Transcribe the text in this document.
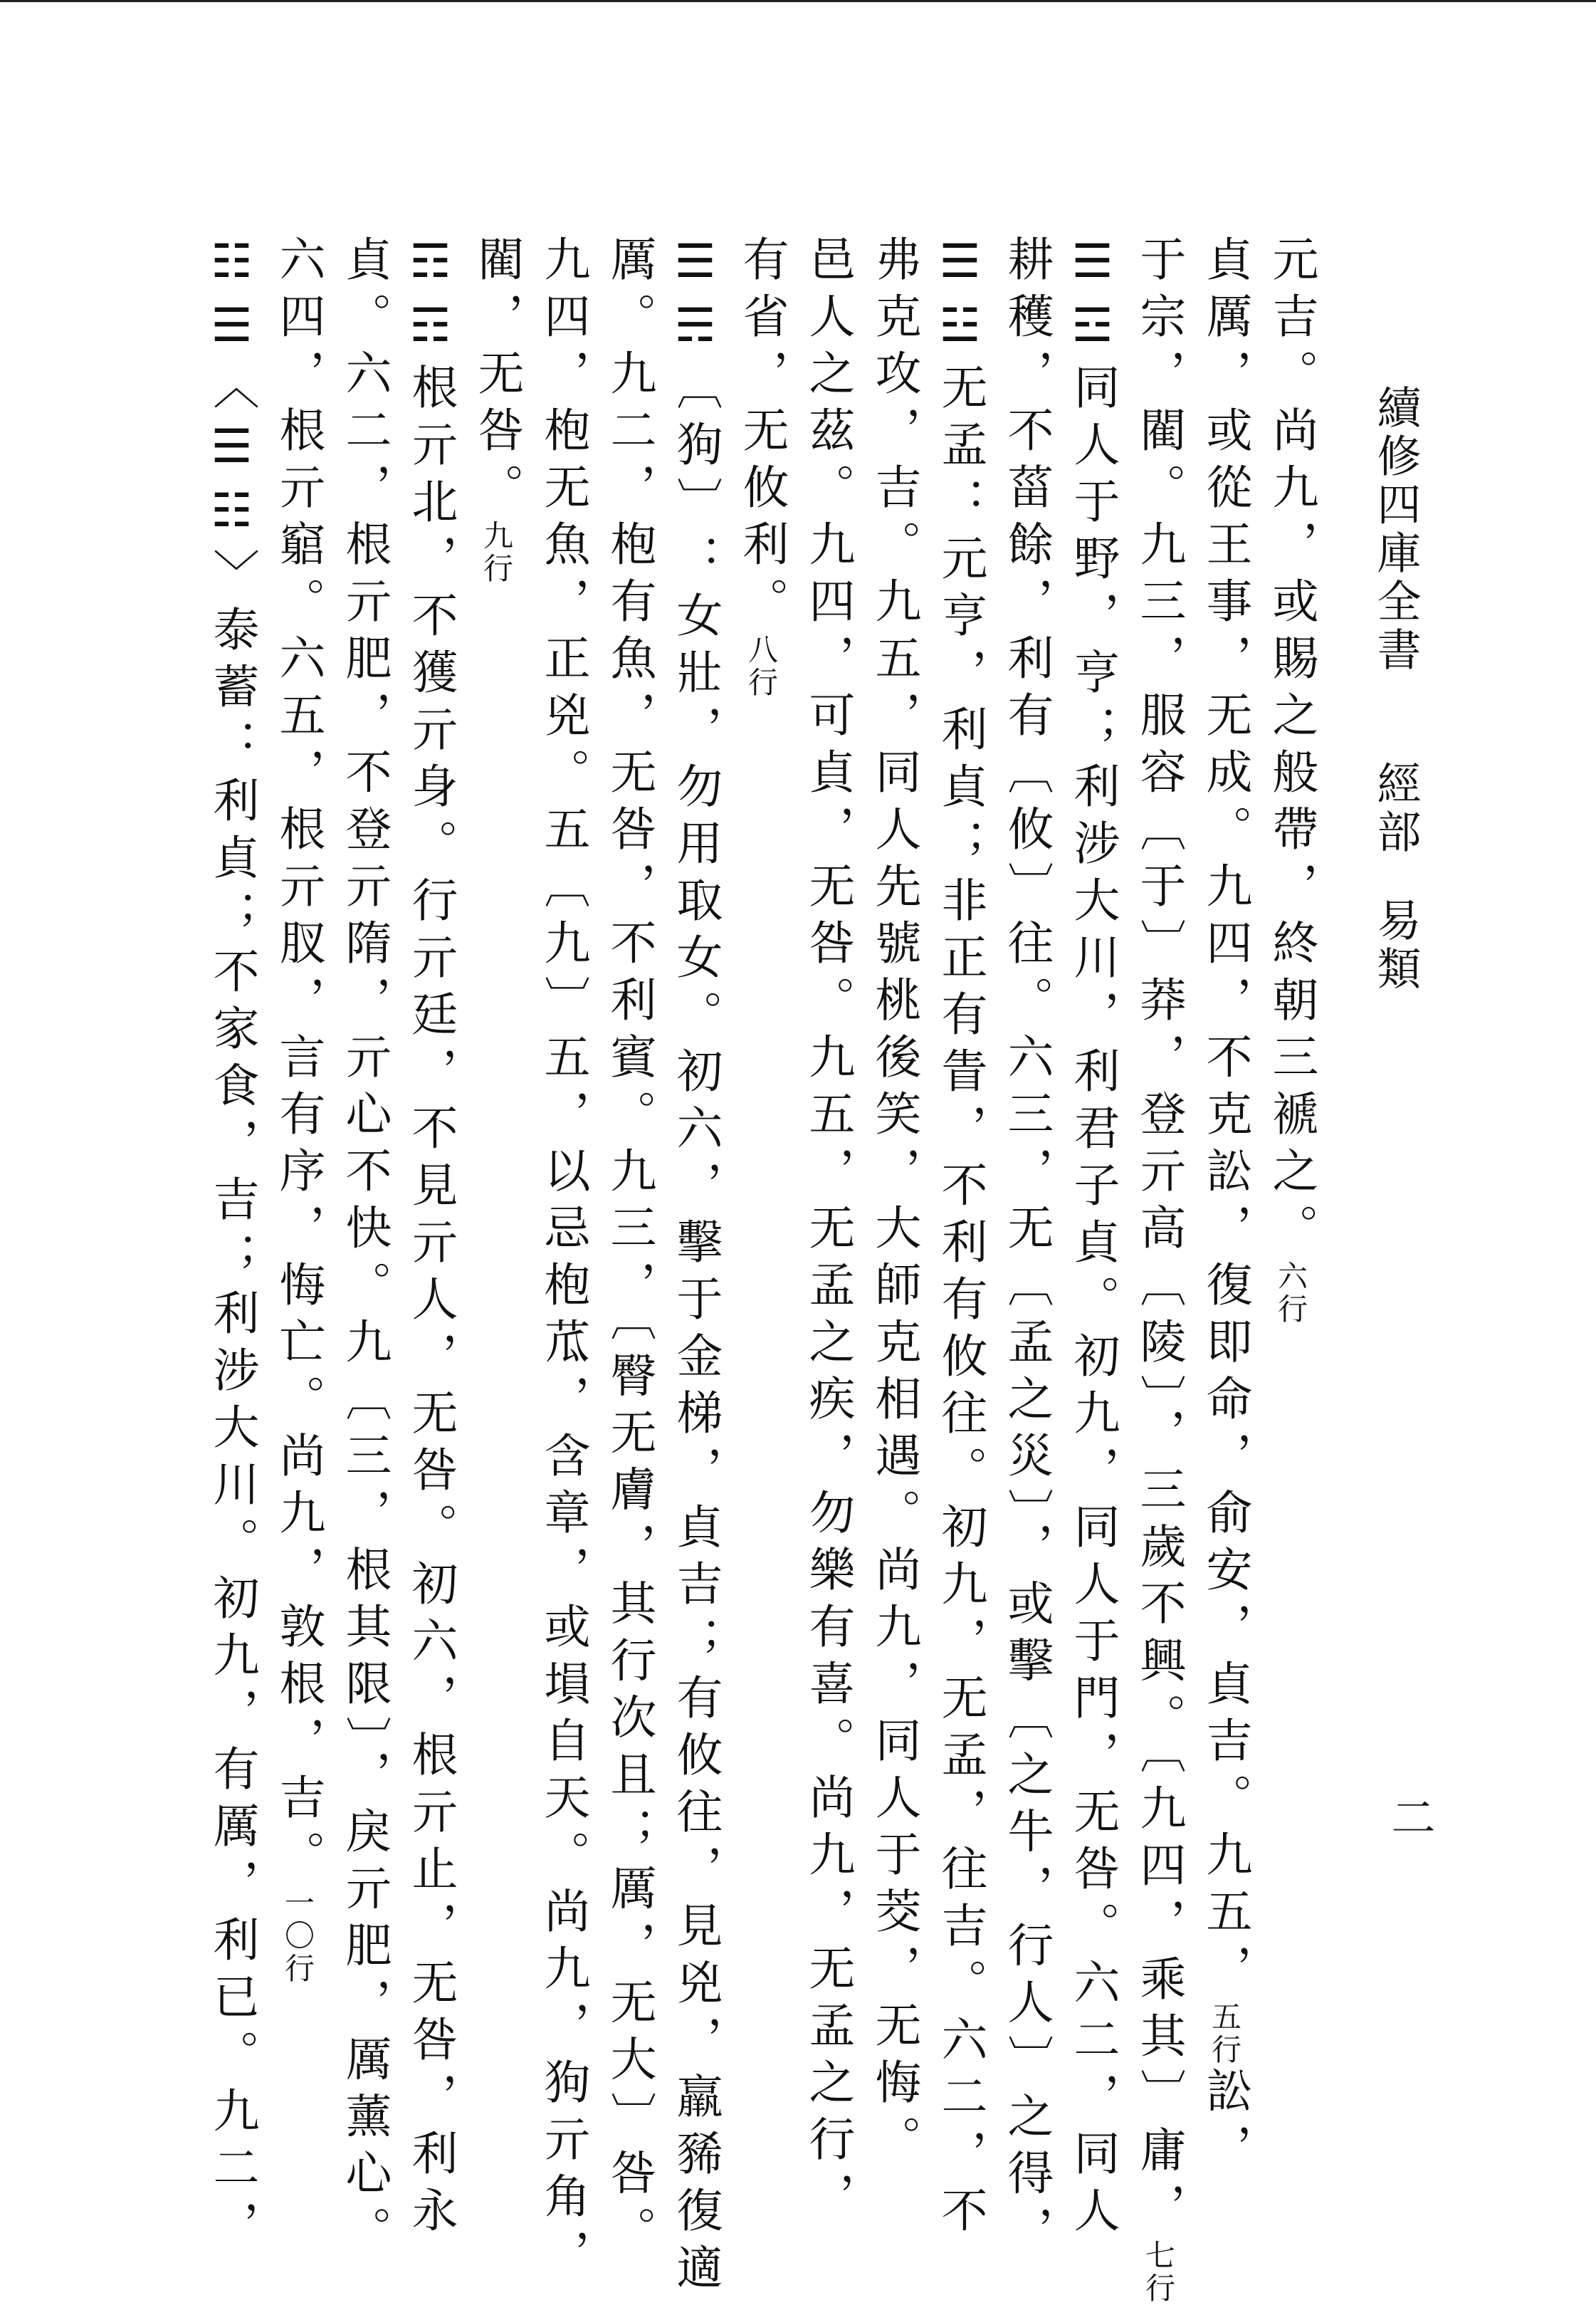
續修四庫全書經部易類
二
元吉。尚九，或賜之般帶，終朝三褫之。六行
貞厲，或從王事，无成。九四，不克訟，復即命，俞安，貞吉。九五，五行訟，
于宗，閵。九三，服容〔于〕莽，登亓高〔陵〕，三歲不興。〔九四，乘其〕庸，七行
☰☲同人于野，亨；利涉大川，利君子貞。初九，同人于門，无咎。六二，同人
耕穫，不菑餘，利有〔攸〕往。六三，无〔孟之災〕，或擊〔之牛，行人〕之得，
☰☳无孟：元亨，利貞；非正有眚，不利有攸往。初九，无孟，往吉。六二，不
弗克攻，吉。九五，同人先號桃後笑，大師克相遇。尚九，同人于茭，无悔。
邑人之茲。九四，可貞，无咎。九五，无孟之疾，勿樂有喜。尚九，无孟之行，
有省，无攸利。八行
☰☴〔狗〕：女壯，勿用取女。初六，擊于金梯，貞吉；有攸往，見兇，羸豨復適
厲。九二，枹有魚，无咎，不利賓。九三，〔臀无膚，其行次且；厲，无大〕咎。
九四，枹无魚，正兇。五〔九〕五，以忌枹苽，含章，或塤自天。尚九，狗亓角，
閵，无咎。九行
☶☶根亓北，不獲亓身。行亓廷，不見亓人，无咎。初六，根亓止，无咎，利永
貞。六二，根亓肥，不登亓隋，亓心不快。九〔三，根其限〕，戾亓肥，厲薰心。
六四，根亓竆。六五，根亓肞，言有序，悔亡。尚九，敦根，吉。一〇行
☷☰〈☰☷〉泰蓄：利貞；不家食，吉；利涉大川。初九，有厲，利已。九二，
